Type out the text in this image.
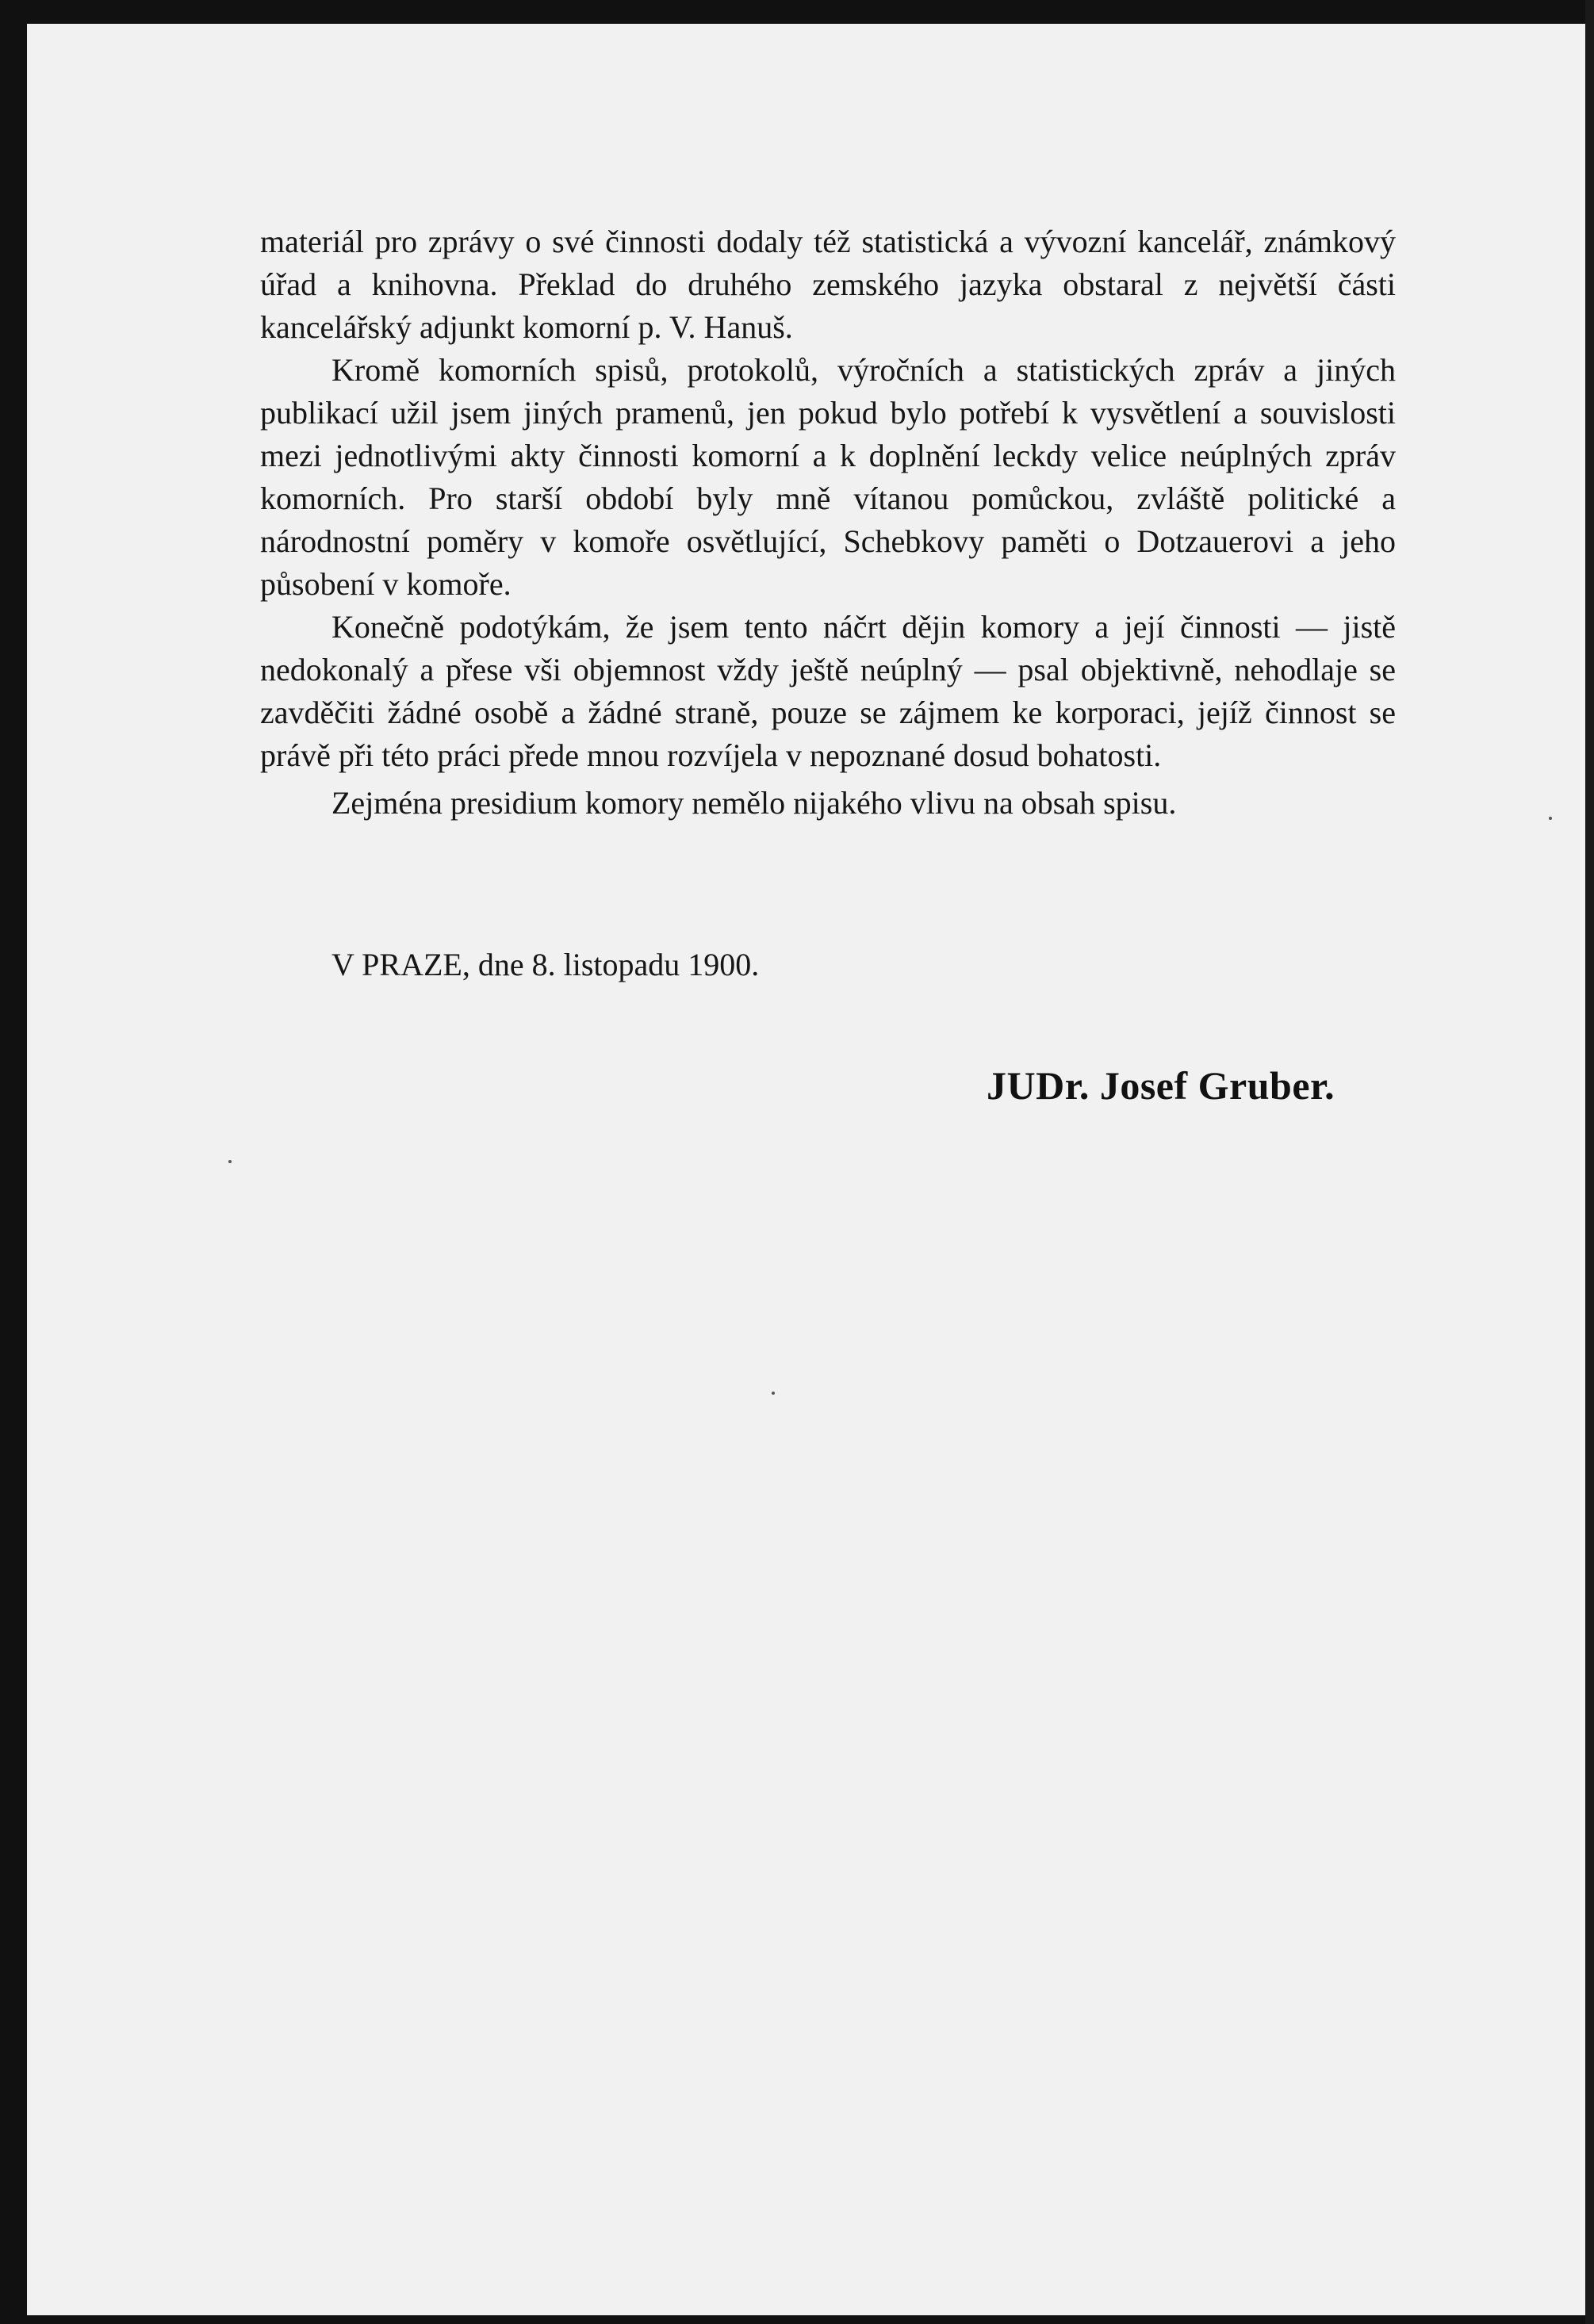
materiál pro zprávy o své činnosti dodaly též statistická a vývozní kancelář, známkový úřad a knihovna. Překlad do druhého zemského jazyka obstaral z největší části kancelářský adjunkt komorní p. V. Hanuš.

Kromě komorních spisů, protokolů, výročních a statistických zpráv a jiných publikací užil jsem jiných pramenů, jen pokud bylo potřebí k vysvětlení a souvislosti mezi jednotlivými akty činnosti komorní a k doplnění leckdy velice neúplných zpráv komorních. Pro starší období byly mně vítanou pomůckou, zvláště politické a národnostní poměry v komoře osvětlující, Schebkovy paměti o Dotzauerovi a jeho působení v komoře.

Konečně podotýkám, že jsem tento náčrt dějin komory a její činnosti — jistě nedokonalý a přese vši objemnost vždy ještě neúplný — psal objektivně, nehodlaje se zavděčiti žádné osobě a žádné straně, pouze se zájmem ke korporaci, jejíž činnost se právě při této práci přede mnou rozvíjela v nepoznané dosud bohatosti.

Zejména presidium komory nemělo nijakého vlivu na obsah spisu.

V PRAZE, dne 8. listopadu 1900.
JUDr. Josef Gruber.
